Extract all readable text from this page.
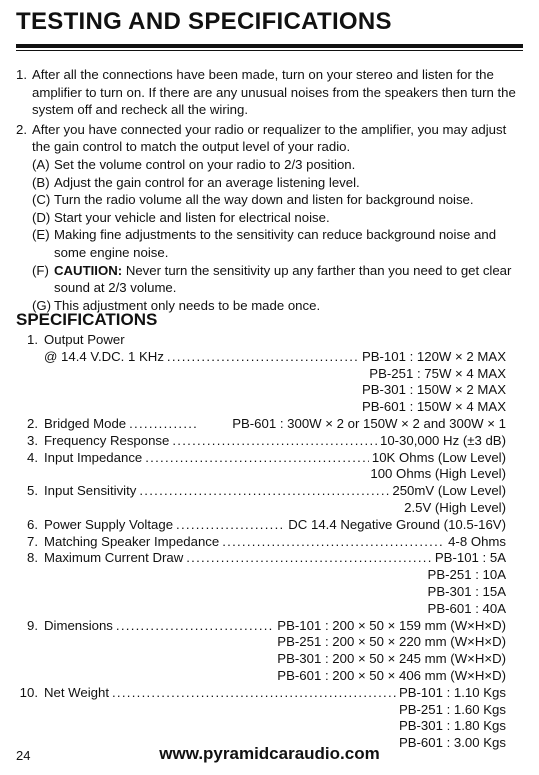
TESTING AND SPECIFICATIONS
1. After all the connections have been made, turn on your stereo and listen for the amplifier to turn on. If there are any unusual noises from the speakers then turn the system off and recheck all the wiring.
2. After you have connected your radio or requalizer to the amplifier, you may adjust the gain control to match the output level of your radio.
(A) Set the volume control on your radio to 2/3 position.
(B) Adjust the gain control for an average listening level.
(C) Turn the radio volume all the way down and listen for background noise.
(D) Start your vehicle and listen for electrical noise.
(E) Making fine adjustments to the sensitivity can reduce background noise and some engine noise.
(F) CAUTIION: Never turn the sensitivity up any farther than you need to get clear sound at 2/3 volume.
(G) This adjustment only needs to be made once.
SPECIFICATIONS
1. Output Power
@ 14.4 V.DC. 1 KHz . . .	PB-101 : 120W × 2 MAX
PB-251 : 75W × 4 MAX
PB-301 : 150W × 2 MAX
PB-601 : 150W × 4 MAX
2. Bridged Mode . . .	PB-601 : 300W × 2 or 150W × 2 and 300W × 1
3. Frequency Response . . .	10-30,000 Hz (±3 dB)
4. Input Impedance . . .	10K Ohms (Low Level)
100 Ohms (High Level)
5. Input Sensitivity . . .	250mV (Low Level)
2.5V (High Level)
6. Power Supply Voltage . . .	DC 14.4 Negative Ground (10.5-16V)
7. Matching Speaker Impedance . . .	4-8 Ohms
8. Maximum Current Draw . . .	PB-101 : 5A
PB-251 : 10A
PB-301 : 15A
PB-601 : 40A
9. Dimensions . . .	PB-101 : 200 × 50 × 159 mm (W×H×D)
PB-251 : 200 × 50 × 220 mm (W×H×D)
PB-301 : 200 × 50 × 245 mm (W×H×D)
PB-601 : 200 × 50 × 406 mm (W×H×D)
10. Net Weight . . .	PB-101 : 1.10 Kgs
PB-251 : 1.60 Kgs
PB-301 : 1.80 Kgs
PB-601 : 3.00 Kgs
24	www.pyramidcaraudio.com
